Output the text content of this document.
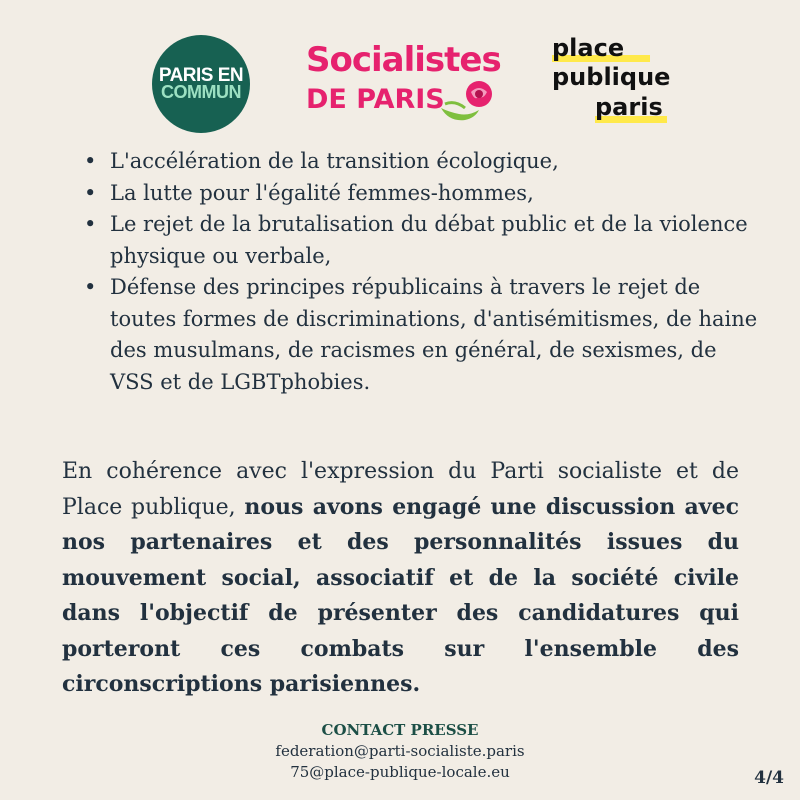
PARIS EN
COMMUN
Socialistes
DE PARIS
place
publique
paris
• L'accélération de la transition écologique,
• La lutte pour l'égalité femmes-hommes,
• Le rejet de la brutalisation du débat public et de la violence physique ou verbale,
• Défense des principes républicains à travers le rejet de toutes formes de discriminations, d'antisémitismes, de haine des musulmans, de racismes en général, de sexismes, de VSS et de LGBTphobies.

En cohérence avec l'expression du Parti socialiste et de Place publique, nous avons engagé une discussion avec nos partenaires et des personnalités issues du mouvement social, associatif et de la société civile dans l'objectif de présenter des candidatures qui porteront ces combats sur l'ensemble des circonscriptions parisiennes.

CONTACT PRESSE
federation@parti-socialiste.paris
75@place-publique-locale.eu	4/4
